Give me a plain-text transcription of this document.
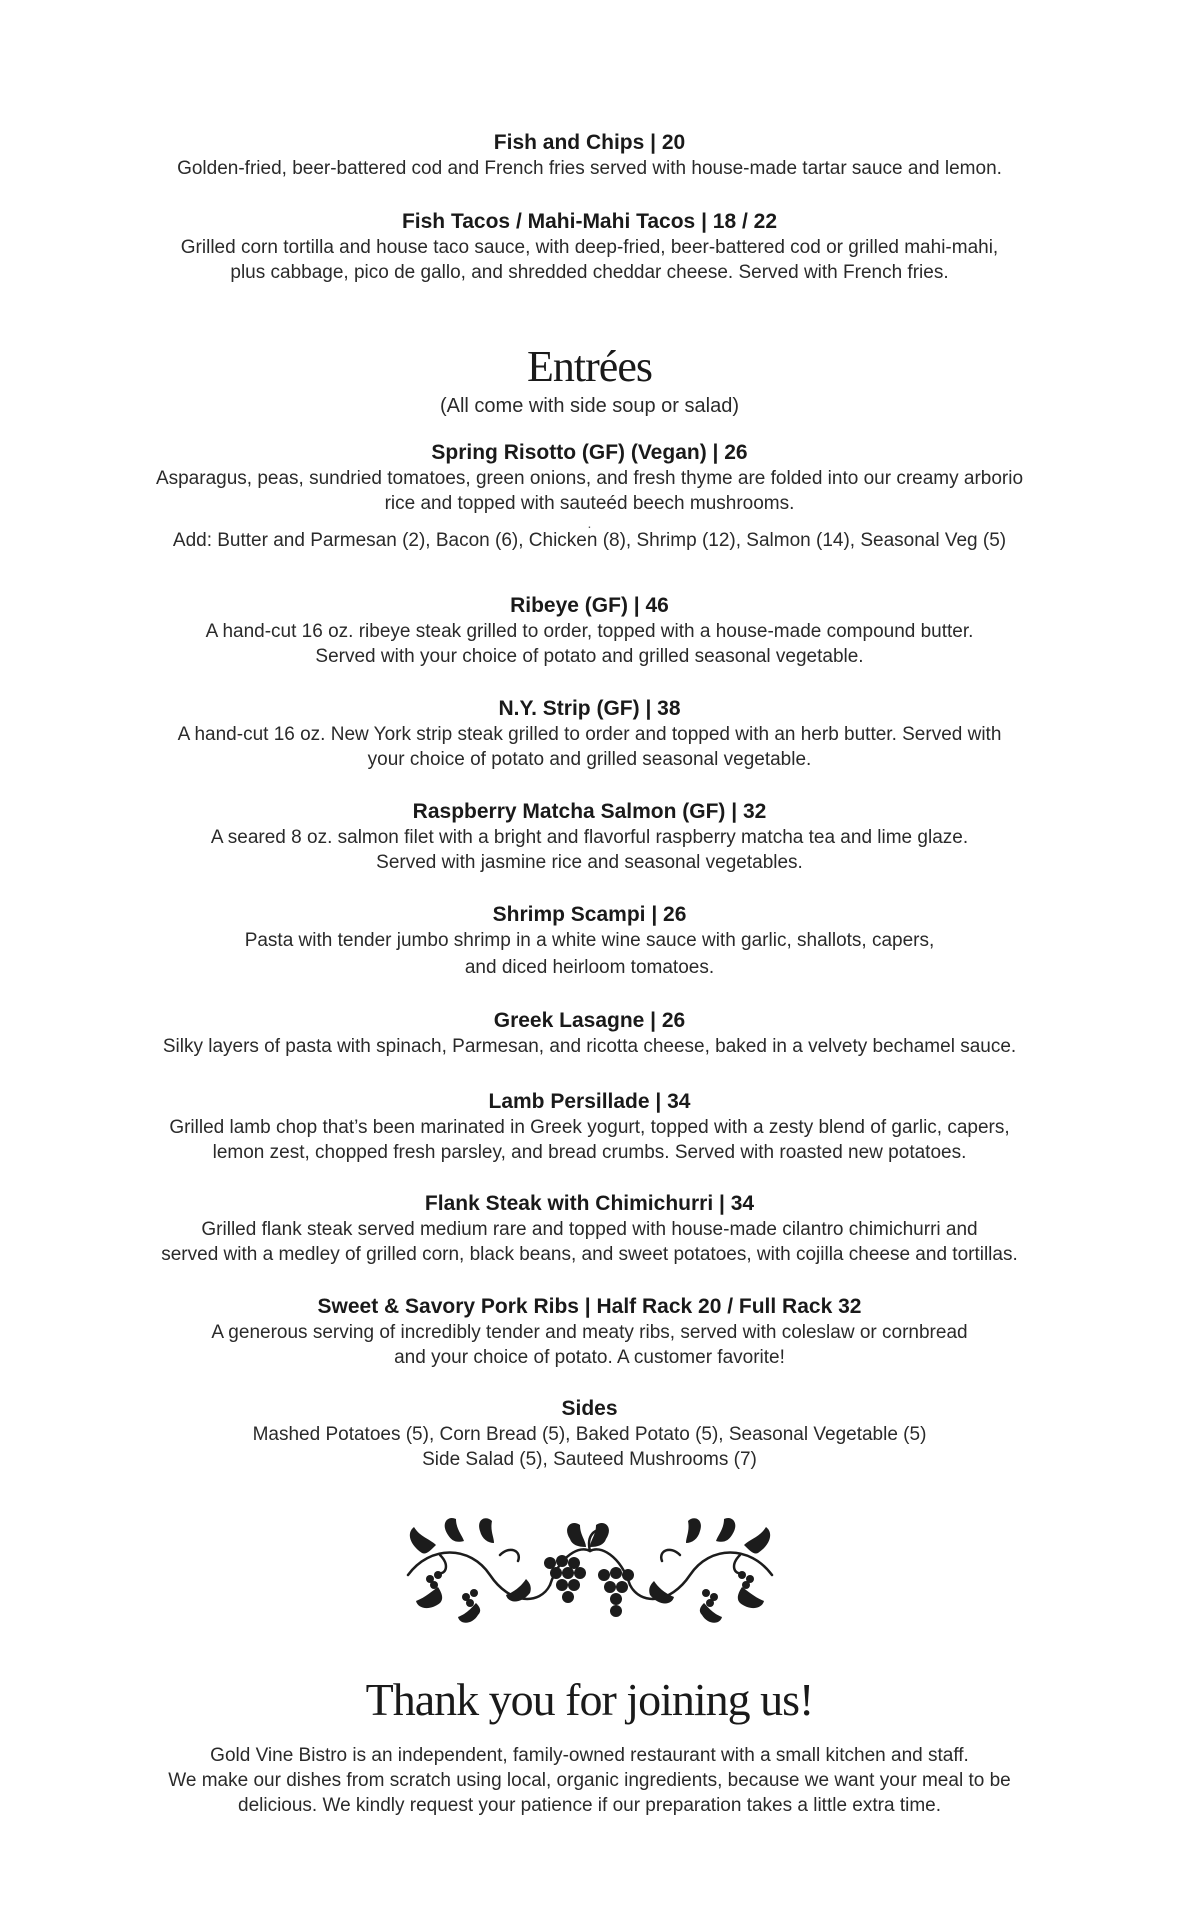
Fish and Chips | 20
Golden-fried, beer-battered cod and French fries served with house-made tartar sauce and lemon.
Fish Tacos / Mahi-Mahi Tacos | 18 / 22
Grilled corn tortilla and house taco sauce, with deep-fried, beer-battered cod or grilled mahi-mahi,
plus cabbage, pico de gallo, and shredded cheddar cheese. Served with French fries.
Entrées
(All come with side soup or salad)
Spring Risotto (GF) (Vegan) | 26
Asparagus, peas, sundried tomatoes, green onions, and fresh thyme are folded into our creamy arborio
rice and topped with sauteéd beech mushrooms.
.
Add: Butter and Parmesan (2), Bacon (6), Chicken (8), Shrimp (12), Salmon (14), Seasonal Veg (5)
Ribeye (GF) | 46
A hand-cut 16 oz. ribeye steak grilled to order, topped with a house-made compound butter.
Served with your choice of potato and grilled seasonal vegetable.
N.Y. Strip (GF) | 38
A hand-cut 16 oz. New York strip steak grilled to order and topped with an herb butter. Served with
your choice of potato and grilled seasonal vegetable.
Raspberry Matcha Salmon (GF) | 32
A seared 8 oz. salmon filet with a bright and flavorful raspberry matcha tea and lime glaze.
Served with jasmine rice and seasonal vegetables.
Shrimp Scampi | 26
Pasta with tender jumbo shrimp in a white wine sauce with garlic, shallots, capers,
and diced heirloom tomatoes.
Greek Lasagne | 26
Silky layers of pasta with spinach, Parmesan, and ricotta cheese, baked in a velvety bechamel sauce.
Lamb Persillade | 34
Grilled lamb chop that’s been marinated in Greek yogurt, topped with a zesty blend of garlic, capers,
lemon zest, chopped fresh parsley, and bread crumbs. Served with roasted new potatoes.
Flank Steak with Chimichurri | 34
Grilled flank steak served medium rare and topped with house-made cilantro chimichurri and
served with a medley of grilled corn, black beans, and sweet potatoes, with cojilla cheese and tortillas.
Sweet & Savory Pork Ribs | Half Rack 20 / Full Rack 32
A generous serving of incredibly tender and meaty ribs, served with coleslaw or cornbread
and your choice of potato. A customer favorite!
Sides
Mashed Potatoes (5), Corn Bread (5), Baked Potato (5), Seasonal Vegetable (5)
Side Salad (5), Sauteed Mushrooms (7)
Thank you for joining us!
Gold Vine Bistro is an independent, family-owned restaurant with a small kitchen and staff.
We make our dishes from scratch using local, organic ingredients, because we want your meal to be
delicious. We kindly request your patience if our preparation takes a little extra time.
